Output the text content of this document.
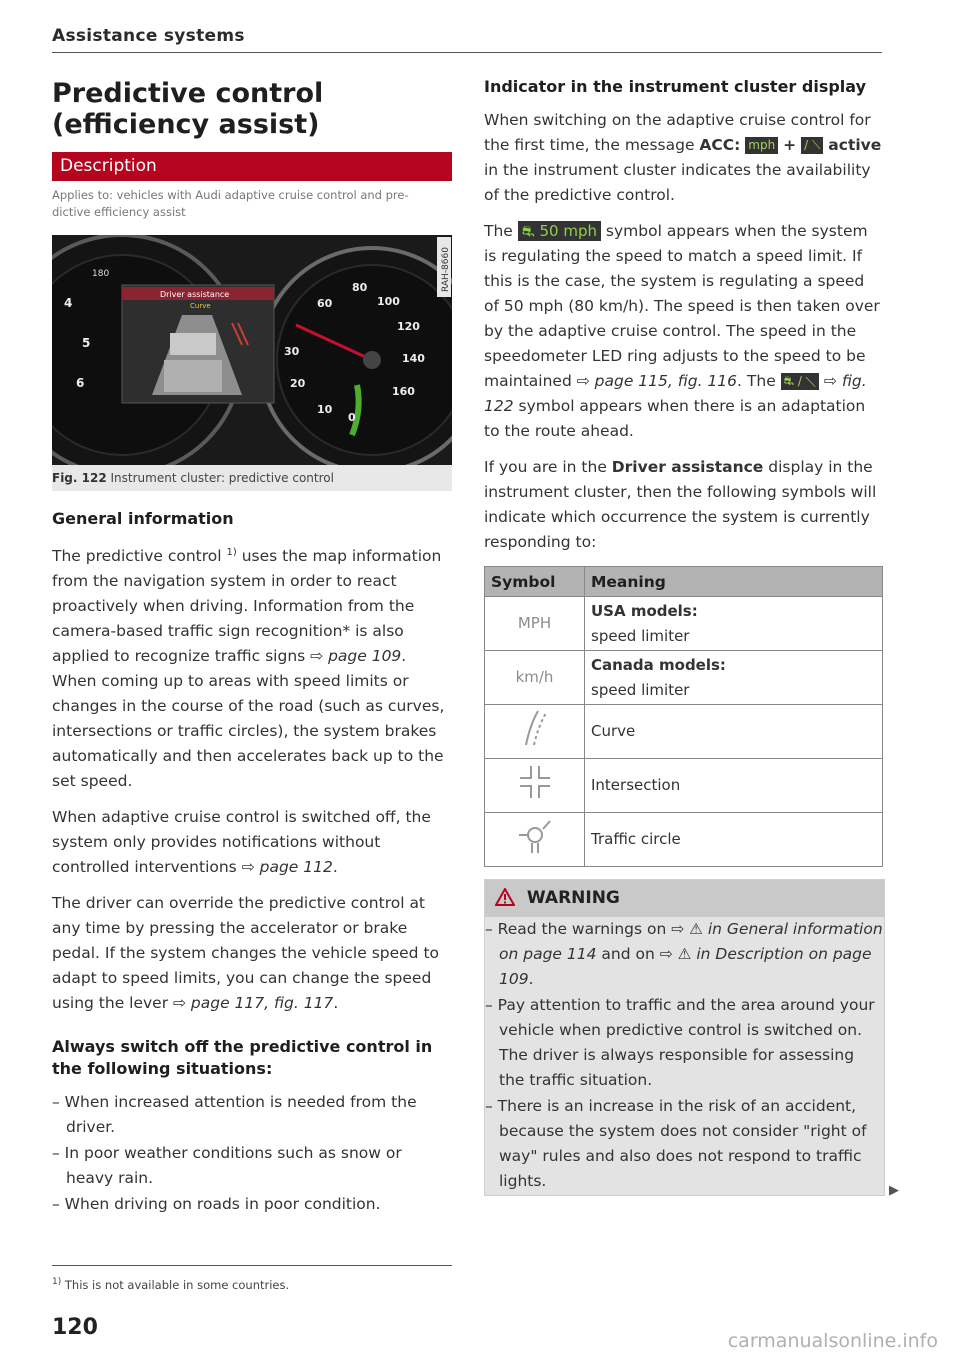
Assistance systems
Predictive control
(efficiency assist)
Description
Applies to: vehicles with Audi adaptive cruise control and pre-
dictive efficiency assist
4
5
6
80
100
120
140
160
60
30
20
10
0
180
Driver assistance
Curve
RAH-8660
Fig. 122 Instrument cluster: predictive control
General information

The predictive control $^{1)}$ uses the map information from the navigation system in order to react proactively when driving. Information from the camera-based traffic sign recognition* is also applied to recognize traffic signs ⇨ page 109. When coming up to areas with speed limits or changes in the course of the road (such as curves, intersections or traffic circles), the system brakes automatically and then accelerates back up to the set speed.

When adaptive cruise control is switched off, the system only provides notifications without controlled interventions ⇨ page 112.

The driver can override the predictive control at any time by pressing the accelerator or brake pedal. If the system changes the vehicle speed to adapt to speed limits, you can change the speed using the lever ⇨ page 117, fig. 117.

Always switch off the predictive control in the following situations:
– When increased attention is needed from the driver.
– In poor weather conditions such as snow or heavy rain.
– When driving on roads in poor condition.
$^{1)}$ This is not available in some countries.
120
Indicator in the instrument cluster display

When switching on the adaptive cruise control for the first time, the message ACC: mph + / ⟍ active in the instrument cluster indicates the availability of the predictive control.

The ⛐ 50 mph symbol appears when the system is regulating the speed to match a speed limit. If this is the case, the system is regulating a speed of 50 mph (80 km/h). The speed is then taken over by the adaptive cruise control. The speed in the speedometer LED ring adjusts to the speed to be maintained ⇨ page 115, fig. 116. The ⛐ / ⟍ ⇨ fig. 122 symbol appears when there is an adaptation to the route ahead.

If you are in the Driver assistance display in the instrument cluster, then the following symbols will indicate which occurrence the system is currently responding to:

Symbol	Meaning
MPH	USA models:
speed limiter
km/h	Canada models:
speed limiter
	Curve
	Intersection
	Traffic circle
WARNING
– Read the warnings on ⇨ ⚠ in General information on page 114 and on ⇨ ⚠ in Description on page 109.
– Pay attention to traffic and the area around your vehicle when predictive control is switched on. The driver is always responsible for assessing the traffic situation.
– There is an increase in the risk of an accident, because the system does not consider "right of way" rules and also does not respond to traffic lights.
▶
carmanualsonline.info
